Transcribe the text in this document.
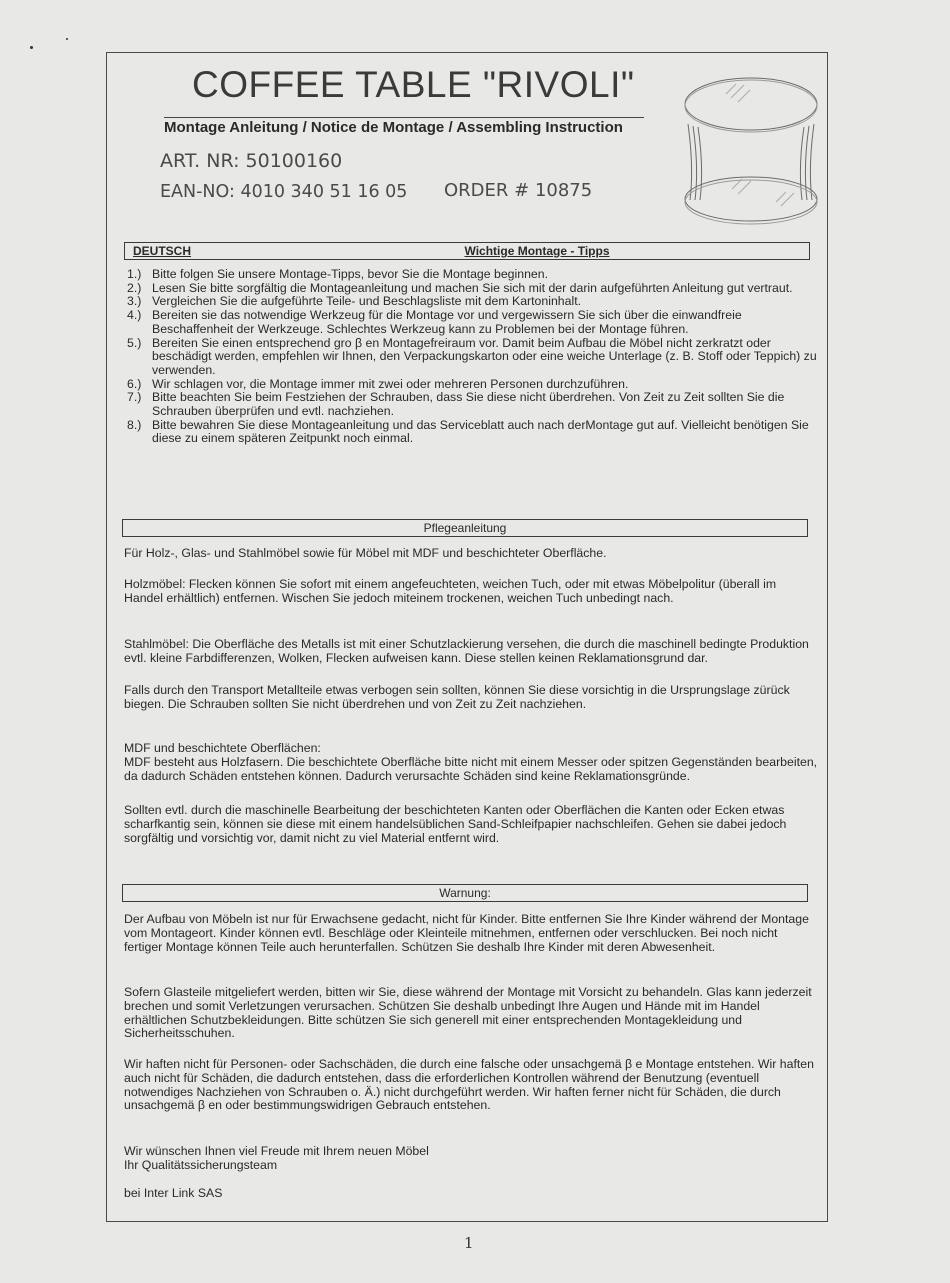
COFFEE TABLE "RIVOLI"
Montage Anleitung / Notice de Montage / Assembling Instruction
ART. NR: 50100160
EAN-NO: 4010 340 51 16 05 ORDER # 10875
DEUTSCH	Wichtige Montage - Tipps
1.) Bitte folgen Sie unsere Montage-Tipps, bevor Sie die Montage beginnen.
2.) Lesen Sie bitte sorgfältig die Montageanleitung und machen Sie sich mit der darin aufgeführten Anleitung gut vertraut.
3.) Vergleichen Sie die aufgeführte Teile- und Beschlagsliste mit dem Kartoninhalt.
4.) Bereiten sie das notwendige Werkzeug für die Montage vor und vergewissern Sie sich über die einwandfreie Beschaffenheit der Werkzeuge. Schlechtes Werkzeug kann zu Problemen bei der Montage führen.
5.) Bereiten Sie einen entsprechend gro β en Montagefreiraum vor. Damit beim Aufbau die Möbel nicht zerkratzt oder beschädigt werden, empfehlen wir Ihnen, den Verpackungskarton oder eine weiche Unterlage (z. B. Stoff oder Teppich) zu verwenden.
6.) Wir schlagen vor, die Montage immer mit zwei oder mehreren Personen durchzuführen.
7.) Bitte beachten Sie beim Festziehen der Schrauben, dass Sie diese nicht überdrehen. Von Zeit zu Zeit sollten Sie die Schrauben überprüfen und evtl. nachziehen.
8.) Bitte bewahren Sie diese Montageanleitung und das Serviceblatt auch nach derMontage gut auf. Vielleicht benötigen Sie diese zu einem späteren Zeitpunkt noch einmal.
Pflegeanleitung

Für Holz-, Glas- und Stahlmöbel sowie für Möbel mit MDF und beschichteter Oberfläche.

Holzmöbel: Flecken können Sie sofort mit einem angefeuchteten, weichen Tuch, oder mit etwas Möbelpolitur (überall im Handel erhältlich) entfernen. Wischen Sie jedoch miteinem trockenen, weichen Tuch unbedingt nach.

Stahlmöbel: Die Oberfläche des Metalls ist mit einer Schutzlackierung versehen, die durch die maschinell bedingte Produktion evtl. kleine Farbdifferenzen, Wolken, Flecken aufweisen kann. Diese stellen keinen Reklamationsgrund dar.

Falls durch den Transport Metallteile etwas verbogen sein sollten, können Sie diese vorsichtig in die Ursprungslage zürück biegen. Die Schrauben sollten Sie nicht überdrehen und von Zeit zu Zeit nachziehen.

MDF und beschichtete Oberflächen:

MDF besteht aus Holzfasern. Die beschichtete Oberfläche bitte nicht mit einem Messer oder spitzen Gegenständen bearbeiten, da dadurch Schäden entstehen können. Dadurch verursachte Schäden sind keine Reklamationsgründe.

Sollten evtl. durch die maschinelle Bearbeitung der beschichteten Kanten oder Oberflächen die Kanten oder Ecken etwas scharfkantig sein, können sie diese mit einem handelsüblichen Sand-Schleifpapier nachschleifen. Gehen sie dabei jedoch sorgfältig und vorsichtig vor, damit nicht zu viel Material entfernt wird.

Warnung:

Der Aufbau von Möbeln ist nur für Erwachsene gedacht, nicht für Kinder. Bitte entfernen Sie Ihre Kinder während der Montage vom Montageort. Kinder können evtl. Beschläge oder Kleinteile mitnehmen, entfernen oder verschlucken. Bei noch nicht fertiger Montage können Teile auch herunterfallen. Schützen Sie deshalb Ihre Kinder mit deren Abwesenheit.

Sofern Glasteile mitgeliefert werden, bitten wir Sie, diese während der Montage mit Vorsicht zu behandeln. Glas kann jederzeit brechen und somit Verletzungen verursachen. Schützen Sie deshalb unbedingt Ihre Augen und Hände mit im Handel erhältlichen Schutzbekleidungen. Bitte schützen Sie sich generell mit einer entsprechenden Montagekleidung und Sicherheitsschuhen.

Wir haften nicht für Personen- oder Sachschäden, die durch eine falsche oder unsachgemä β e Montage entstehen. Wir haften auch nicht für Schäden, die dadurch entstehen, dass die erforderlichen Kontrollen während der Benutzung (eventuell notwendiges Nachziehen von Schrauben o. Ä.) nicht durchgeführt werden. Wir haften ferner nicht für Schäden, die durch unsachgemä β en oder bestimmungswidrigen Gebrauch entstehen.

Wir wünschen Ihnen viel Freude mit Ihrem neuen Möbel

Ihr Qualitätssicherungsteam

bei Inter Link SAS

1
